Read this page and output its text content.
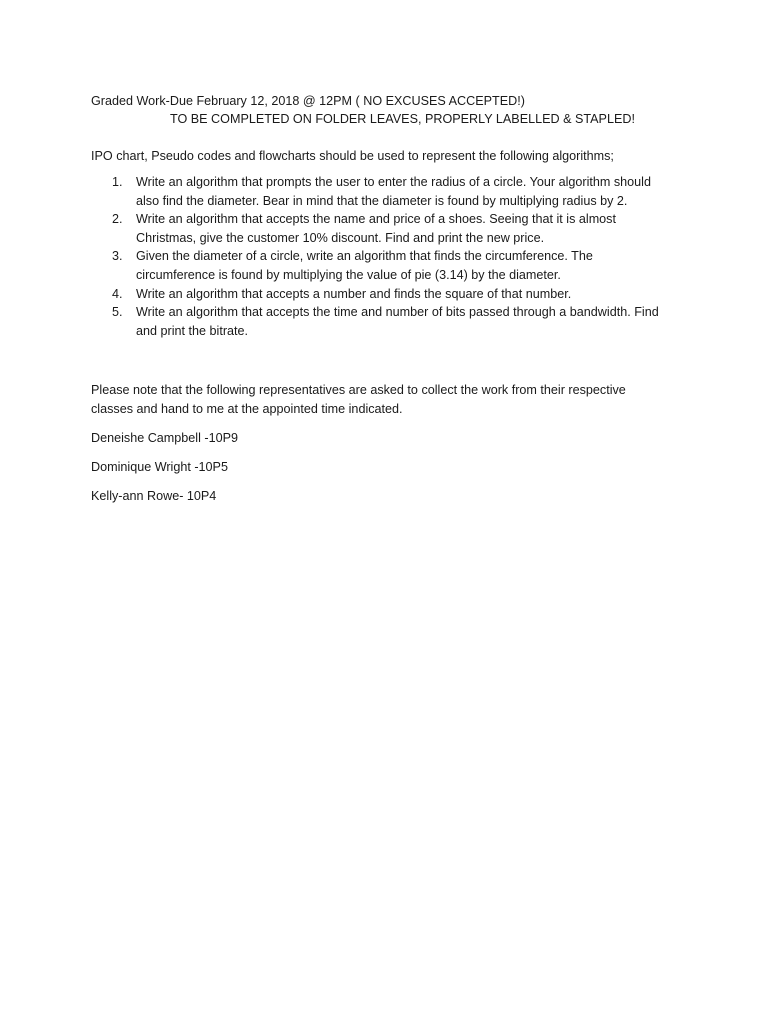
Graded Work-Due February 12, 2018 @ 12PM ( NO EXCUSES ACCEPTED!)
TO BE COMPLETED ON FOLDER LEAVES, PROPERLY LABELLED & STAPLED!
IPO chart, Pseudo codes and flowcharts should be used to represent the following algorithms;
1. Write an algorithm that prompts the user to enter the radius of a circle. Your algorithm should
also find the diameter. Bear in mind that the diameter is found by multiplying radius by 2.
2. Write an algorithm that accepts the name and price of a shoes. Seeing that it is almost
Christmas, give the customer 10% discount. Find and print the new price.
3. Given the diameter of a circle, write an algorithm that finds the circumference. The
circumference is found by multiplying the value of pie (3.14) by the diameter.
4. Write an algorithm that accepts a number and finds the square of that number.
5. Write an algorithm that accepts the time and number of bits passed through a bandwidth. Find
and print the bitrate.
Please note that the following representatives are asked to collect the work from their respective
classes and hand to me at the appointed time indicated.
Deneishe Campbell -10P9
Dominique Wright -10P5
Kelly-ann Rowe- 10P4
